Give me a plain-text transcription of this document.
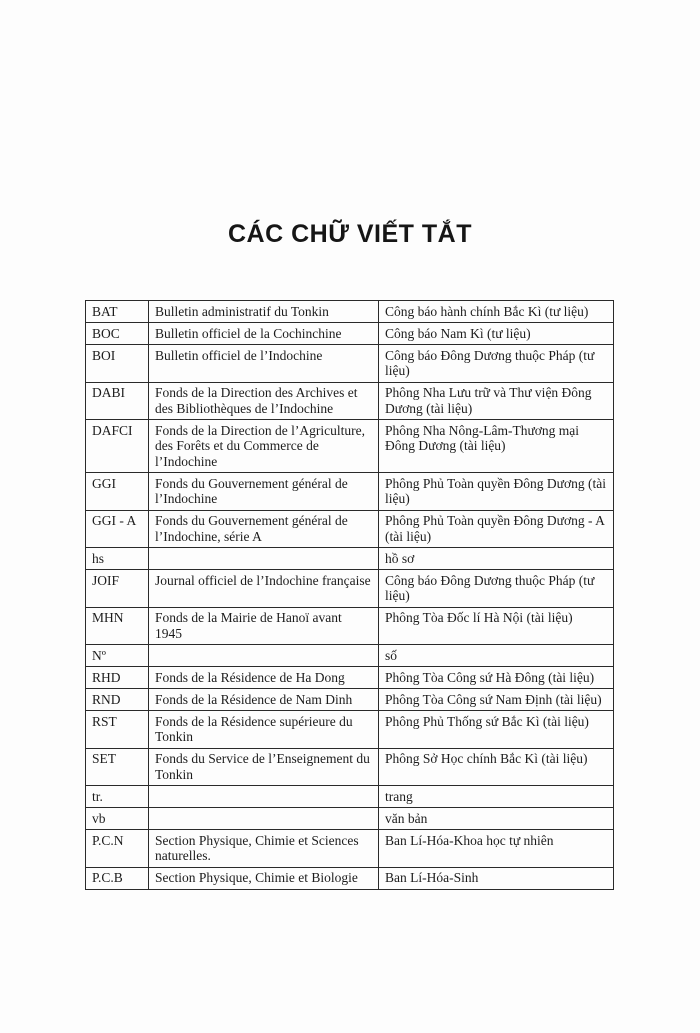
CÁC CHỮ VIẾT TẮT
BAT	Bulletin administratif du Tonkin	Công báo hành chính Bắc Kì (tư liệu)
BOC	Bulletin officiel de la Cochinchine	Công báo Nam Kì (tư liệu)
BOI	Bulletin officiel de l’Indochine	Công báo Đông Dương thuộc Pháp (tư liệu)
DABI	Fonds de la Direction des Archives et des Bibliothèques de l’Indochine	Phông Nha Lưu trữ và Thư viện Đông Dương (tài liệu)
DAFCI	Fonds de la Direction de l’Agriculture, des Forêts et du Commerce de l’Indochine	Phông Nha Nông-Lâm-Thương mại Đông Dương (tài liệu)
GGI	Fonds du Gouvernement général de l’Indochine	Phông Phủ Toàn quyền Đông Dương (tài liệu)
GGI - A	Fonds du Gouvernement général de l’Indochine, série A	Phông Phủ Toàn quyền Đông Dương - A (tài liệu)
hs		hồ sơ
JOIF	Journal officiel de l’Indochine française	Công báo Đông Dương thuộc Pháp (tư liệu)
MHN	Fonds de la Mairie de Hanoï avant 1945	Phông Tòa Đốc lí Hà Nội (tài liệu)
Nº		số
RHD	Fonds de la Résidence de Ha Dong	Phông Tòa Công sứ Hà Đông (tài liệu)
RND	Fonds de la Résidence de Nam Dinh	Phông Tòa Công sứ Nam Định (tài liệu)
RST	Fonds de la Résidence supérieure du Tonkin	Phông Phủ Thống sứ Bắc Kì (tài liệu)
SET	Fonds du Service de l’Enseignement du Tonkin	Phông Sở Học chính Bắc Kì (tài liệu)
tr.		trang
vb		văn bản
P.C.N	Section Physique, Chimie et Sciences naturelles.	Ban Lí-Hóa-Khoa học tự nhiên
P.C.B	Section Physique, Chimie et Biologie	Ban Lí-Hóa-Sinh
